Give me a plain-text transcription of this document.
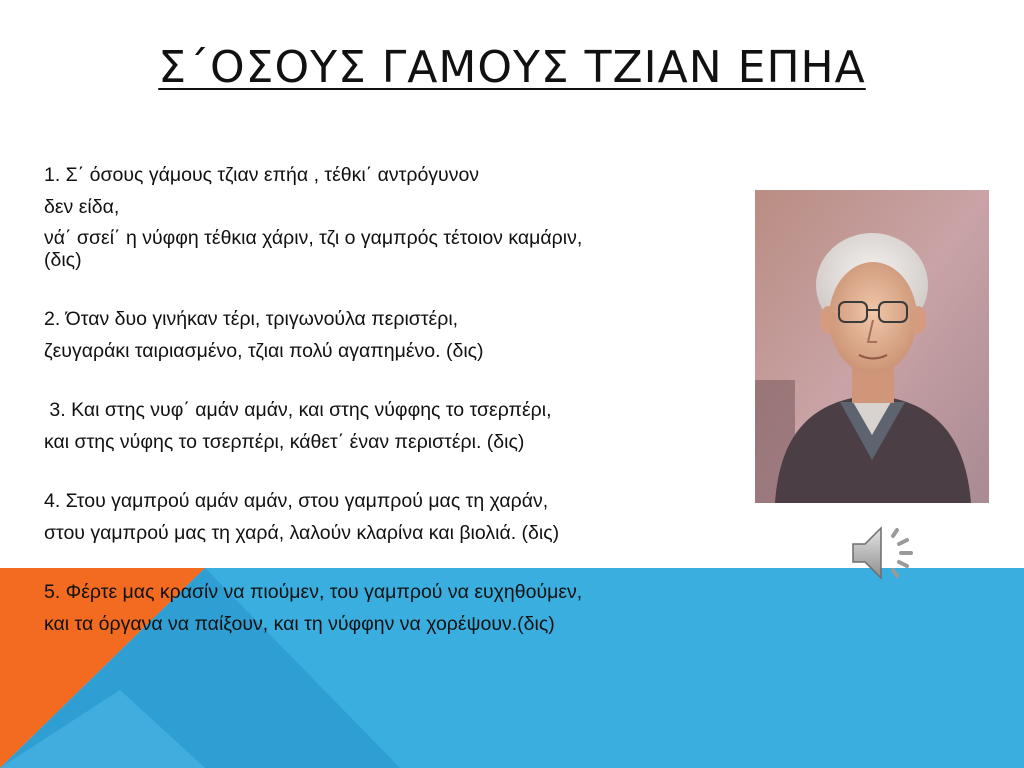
Σ΄ΟΣΟΥΣ ΓΑΜΟΥΣ ΤΖΙΑΝ ΕΠΗΑ

1. Σ΄ όσους γάμους τζιαν επήα , τέθκι΄ αντρόγυνον

δεν είδα,

νά΄ σσεί΄ η νύφφη τέθκια χάριν, τζι ο γαμπρός τέτοιον καμάριν,

(δις)

2. Όταν δυο γινήκαν τέρι, τριγωνούλα περιστέρι,

ζευγαράκι ταιριασμένο, τζιαι πολύ αγαπημένο. (δις)

3. Και στης νυφ΄ αμάν αμάν, και στης νύφφης το τσερπέρι,

και στης νύφης το τσερπέρι, κάθετ΄ έναν περιστέρι. (δις)

4. Στου γαμπρού αμάν αμάν, στου γαμπρού μας τη χαράν,

στου γαμπρού μας τη χαρά, λαλούν κλαρίνα και βιολιά. (δις)

5. Φέρτε μας κρασίν να πιούμεν, του γαμπρού να ευχηθούμεν,

και τα όργανα να παίξουν, και τη νύφφην να χορέψουν.(δις)
